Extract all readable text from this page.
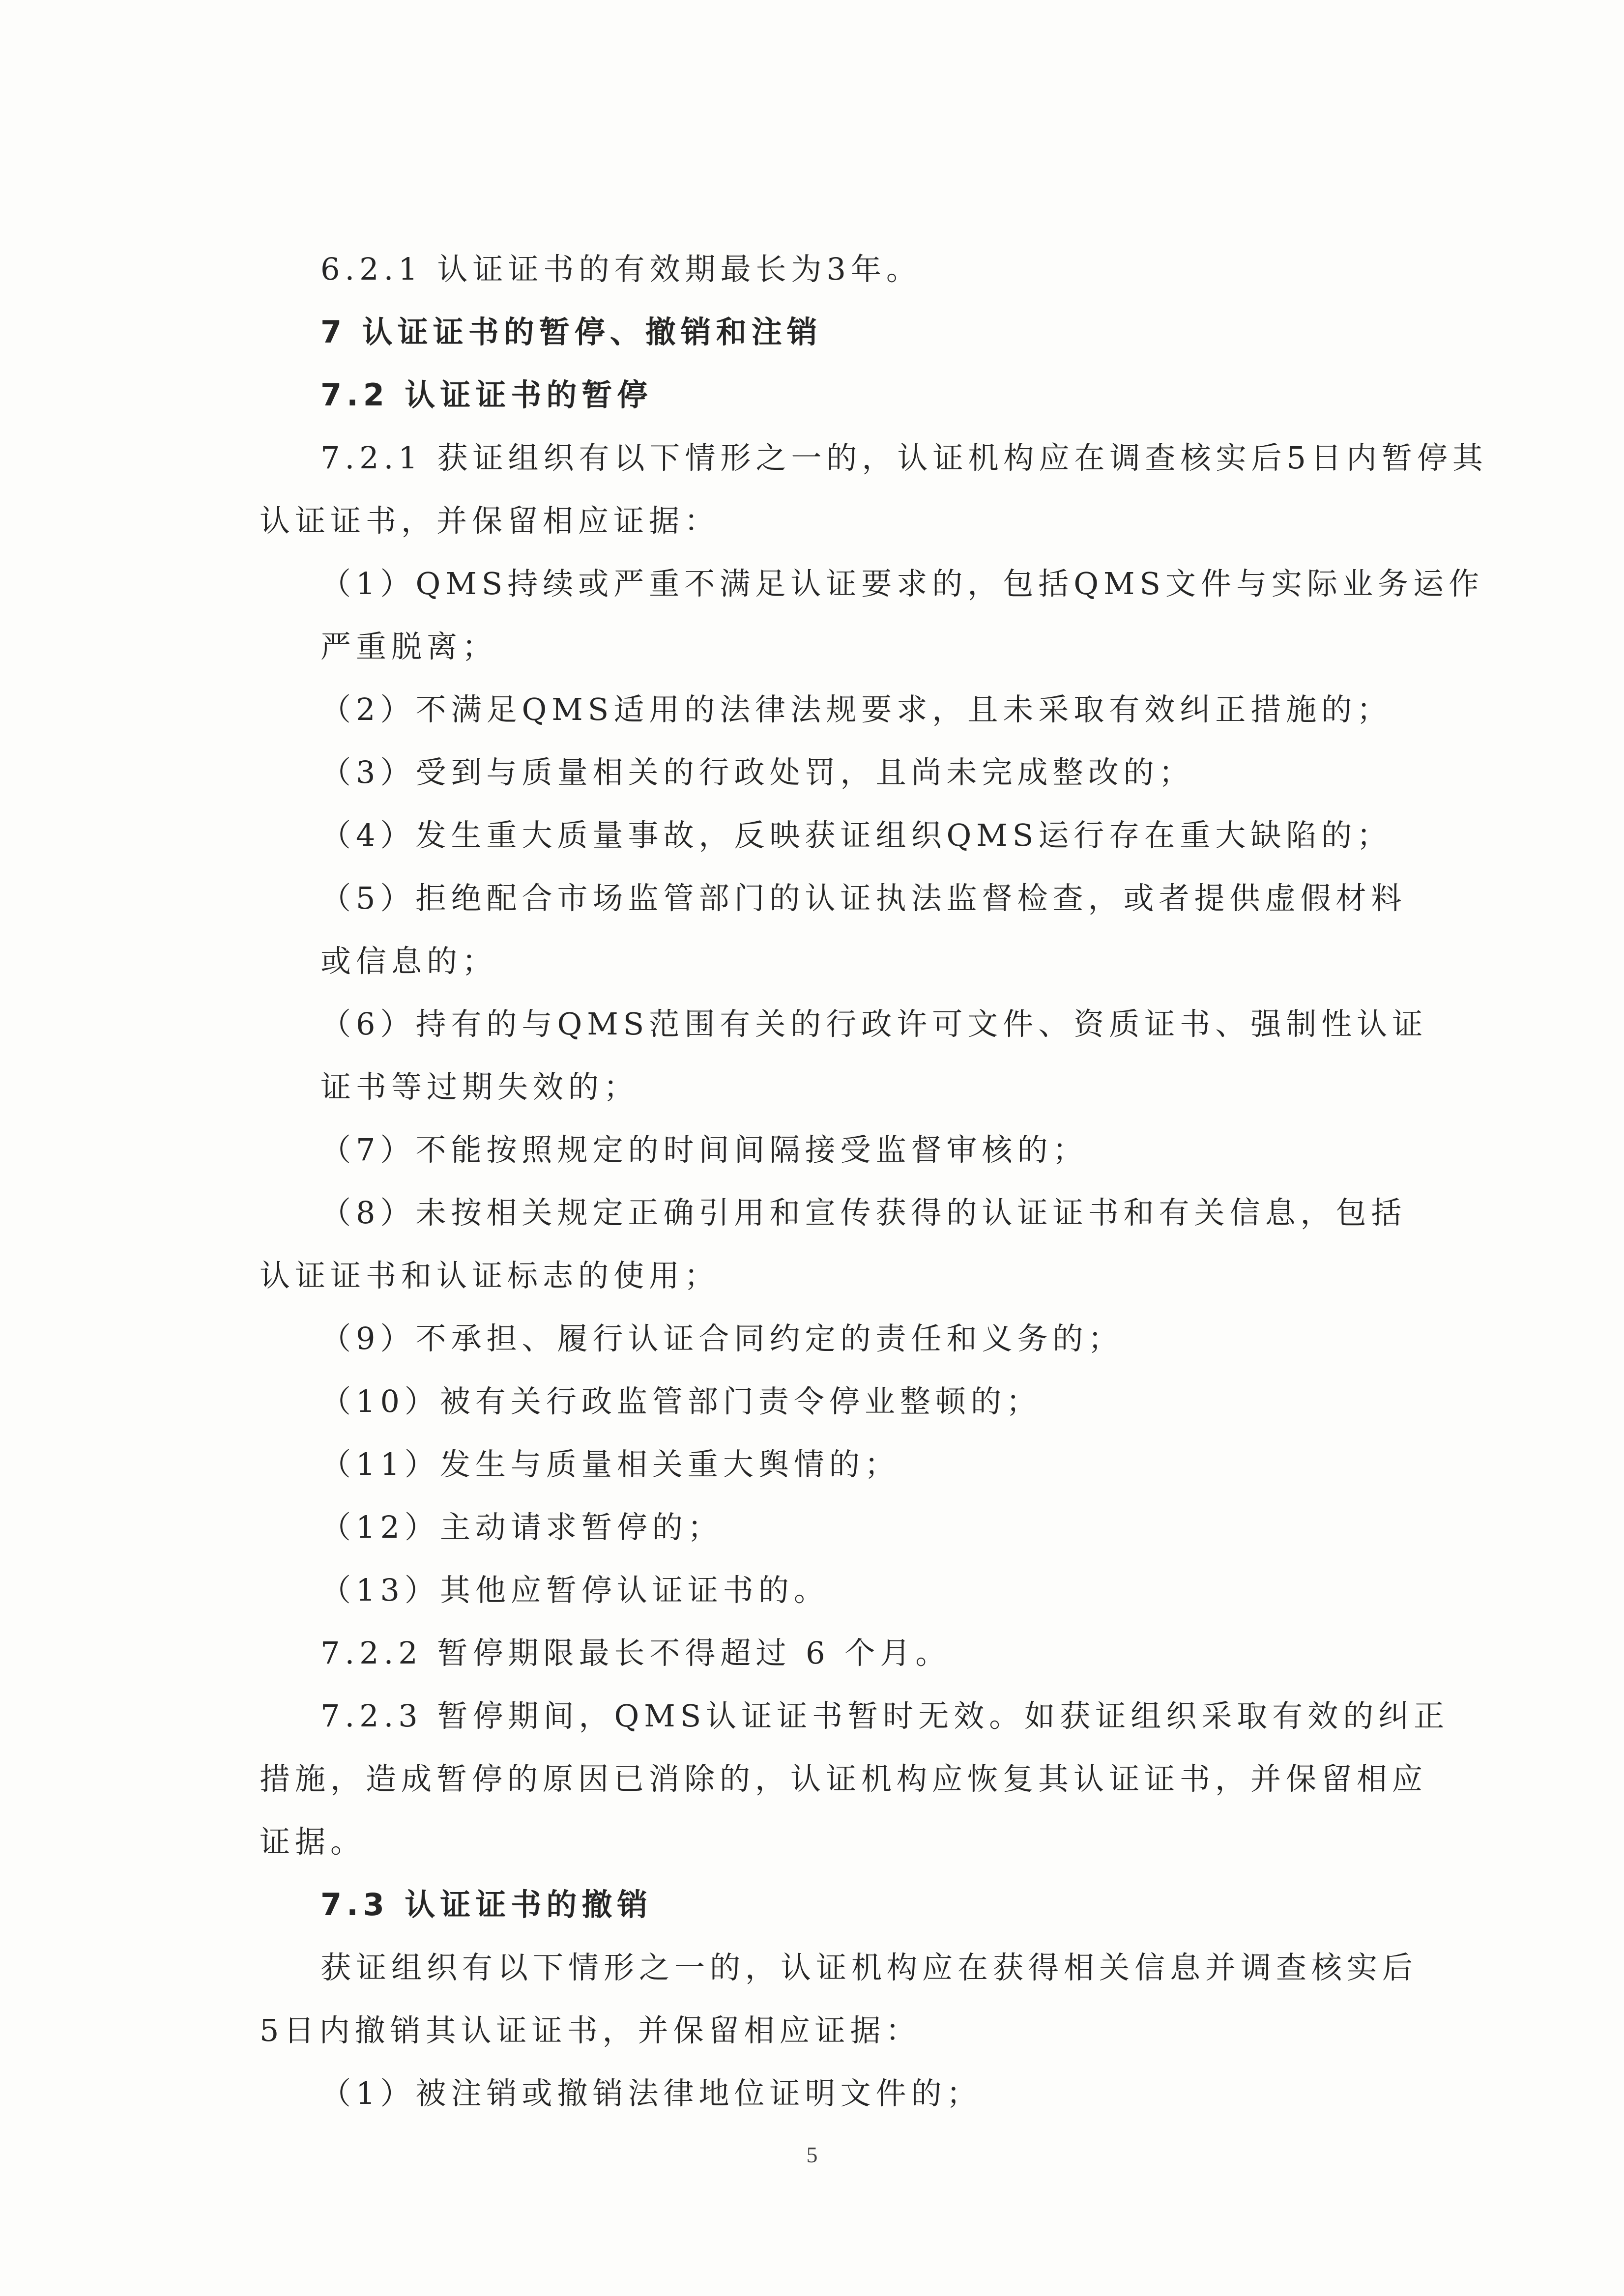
6.2.1 认证证书的有效期最长为3年。
7 认证证书的暂停、撤销和注销
7.2 认证证书的暂停
7.2.1 获证组织有以下情形之一的，认证机构应在调查核实后5日内暂停其
认证证书，并保留相应证据：
（1）QMS持续或严重不满足认证要求的，包括QMS文件与实际业务运作
严重脱离；
（2）不满足QMS适用的法律法规要求，且未采取有效纠正措施的；
（3）受到与质量相关的行政处罚，且尚未完成整改的；
（4）发生重大质量事故，反映获证组织QMS运行存在重大缺陷的；
（5）拒绝配合市场监管部门的认证执法监督检查，或者提供虚假材料
或信息的；
（6）持有的与QMS范围有关的行政许可文件、资质证书、强制性认证
证书等过期失效的；
（7）不能按照规定的时间间隔接受监督审核的；
（8）未按相关规定正确引用和宣传获得的认证证书和有关信息，包括
认证证书和认证标志的使用；
（9）不承担、履行认证合同约定的责任和义务的；
（10）被有关行政监管部门责令停业整顿的；
（11）发生与质量相关重大舆情的；
（12）主动请求暂停的；
（13）其他应暂停认证证书的。
7.2.2 暂停期限最长不得超过 6 个月。
7.2.3 暂停期间，QMS认证证书暂时无效。如获证组织采取有效的纠正
措施，造成暂停的原因已消除的，认证机构应恢复其认证证书，并保留相应
证据。
7.3 认证证书的撤销
获证组织有以下情形之一的，认证机构应在获得相关信息并调查核实后
5日内撤销其认证证书，并保留相应证据：
（1）被注销或撤销法律地位证明文件的；
5
